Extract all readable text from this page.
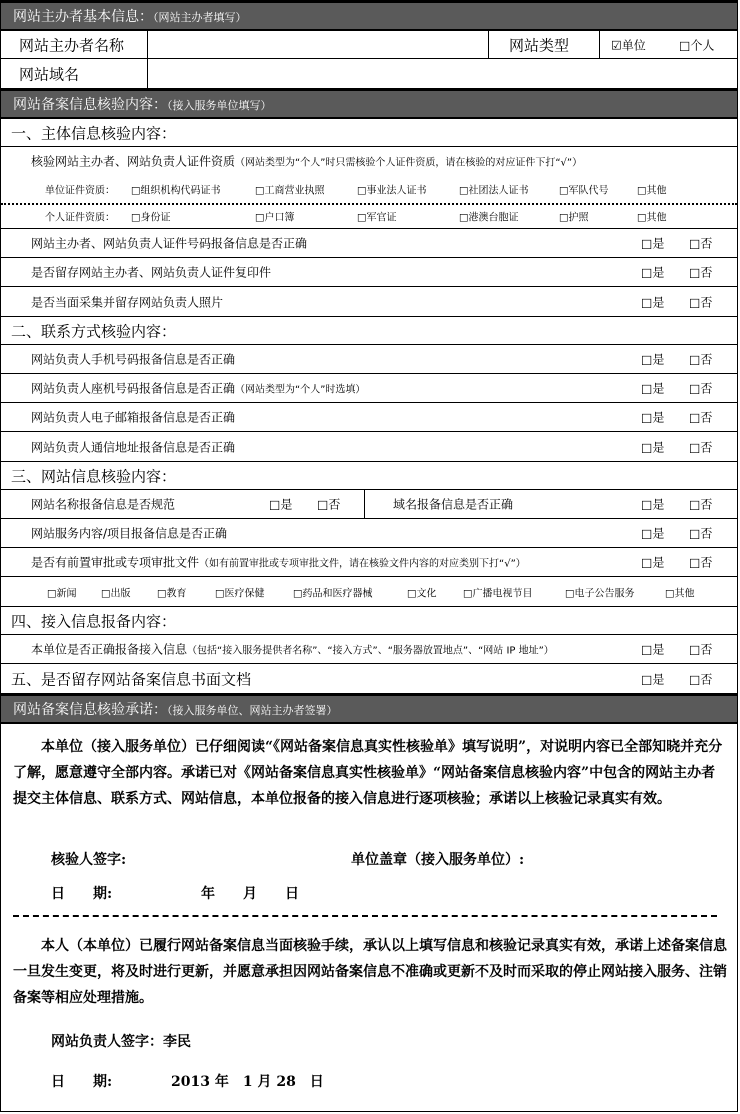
网站主办者基本信息：（网站主办者填写）
网站主办者名称	网站类型	☑单位	□个人
网站域名
网站备案信息核验内容：（接入服务单位填写）
一、主体信息核验内容：
核验网站主办者、网站负责人证件资质（网站类型为“个人”时只需核验个人证件资质，请在核验的对应证件下打“√”）
单位证件资质： □组织机构代码证书	□工商营业执照	□事业法人证书	□社团法人证书	□军队代号	□其他
个人证件资质： □身份证	□户口簿	□军官证	□港澳台胞证	□护照	□其他
网站主办者、网站负责人证件号码报备信息是否正确	□是 □否
是否留存网站主办者、网站负责人证件复印件	□是 □否
是否当面采集并留存网站负责人照片	□是 □否
二、联系方式核验内容：
网站负责人手机号码报备信息是否正确	□是 □否
网站负责人座机号码报备信息是否正确（网站类型为“个人”时选填）	□是 □否
网站负责人电子邮箱报备信息是否正确	□是 □否
网站负责人通信地址报备信息是否正确	□是 □否
三、网站信息核验内容：
网站名称报备信息是否规范	□是 □否	域名报备信息是否正确	□是 □否
网站服务内容/项目报备信息是否正确	□是 □否
是否有前置审批或专项审批文件（如有前置审批或专项审批文件，请在核验文件内容的对应类别下打“√”）	□是 □否
□新闻 □出版	□教育	□医疗保健	□药品和医疗器械	□文化	□广播电视节目	□电子公告服务	□其他
四、接入信息报备内容：
本单位是否正确报备接入信息（包括“接入服务提供者名称”、“接入方式”、“服务器放置地点”、“网站 IP 地址”）	□是 □否
五、是否留存网站备案信息书面文档	□是 □否
网站备案信息核验承诺：（接入服务单位、网站主办者签署）
本单位（接入服务单位）已仔细阅读“《网站备案信息真实性核验单》填写说明”，对说明内容已全部知晓并充分了解，愿意遵守全部内容。承诺已对《网站备案信息真实性核验单》“网站备案信息核验内容”中包含的网站主办者提交主体信息、联系方式、网站信息，本单位报备的接入信息进行逐项核验；承诺以上核验记录真实有效。
核验人签字:	单位盖章（接入服务单位）:
日　　期:	年　　月　　日
本人（本单位）已履行网站备案信息当面核验手续，承认以上填写信息和核验记录真实有效，承诺上述备案信息一旦发生变更，将及时进行更新，并愿意承担因网站备案信息不准确或更新不及时而采取的停止网站接入服务、注销备案等相应处理措施。
网站负责人签字：李民
日　　期:	2013 年　1 月 28　日
